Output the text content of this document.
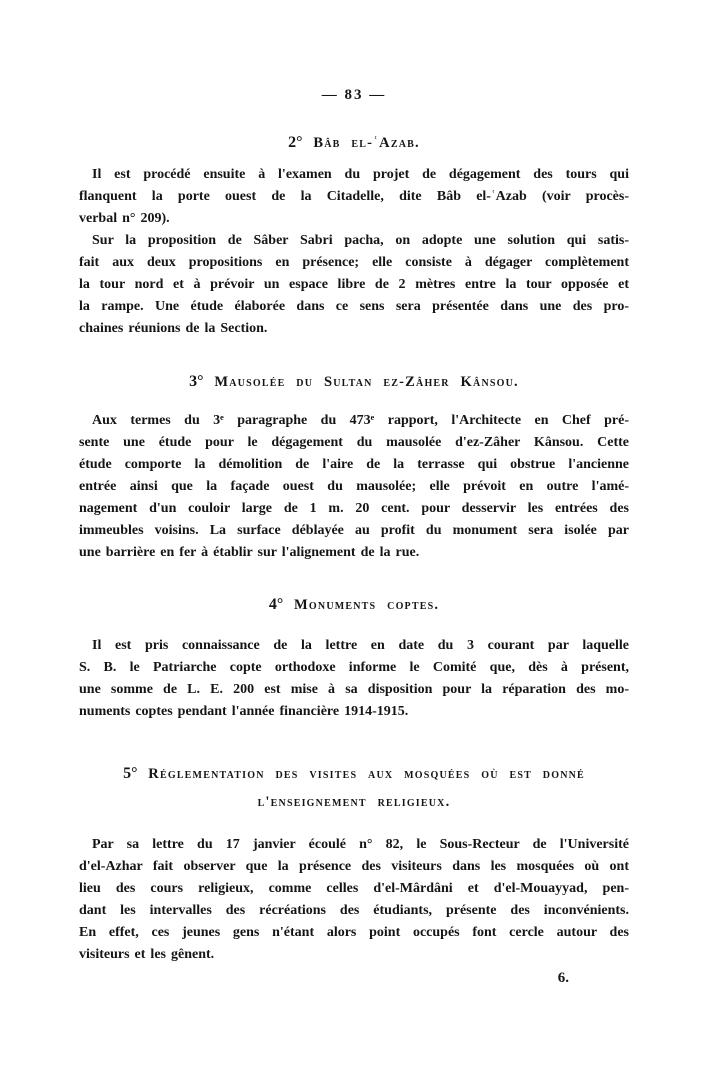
— 83 —
2° Bâb el-ʿAzab.
Il est procédé ensuite à l'examen du projet de dégagement des tours qui
flanquent la porte ouest de la Citadelle, dite Bâb el-ʿAzab (voir procès-
verbal n° 209).
Sur la proposition de Sâber Sabri pacha, on adopte une solution qui satis-
fait aux deux propositions en présence; elle consiste à dégager complètement
la tour nord et à prévoir un espace libre de 2 mètres entre la tour opposée et
la rampe. Une étude élaborée dans ce sens sera présentée dans une des pro-
chaines réunions de la Section.
3° Mausolée du Sultan ez-Zâher Kânsou.
Aux termes du 3ᵉ paragraphe du 473ᵉ rapport, l'Architecte en Chef pré-
sente une étude pour le dégagement du mausolée d'ez-Zâher Kânsou. Cette
étude comporte la démolition de l'aire de la terrasse qui obstrue l'ancienne
entrée ainsi que la façade ouest du mausolée; elle prévoit en outre l'amé-
nagement d'un couloir large de 1 m. 20 cent. pour desservir les entrées des
immeubles voisins. La surface déblayée au profit du monument sera isolée par
une barrière en fer à établir sur l'alignement de la rue.
4° Monuments coptes.
Il est pris connaissance de la lettre en date du 3 courant par laquelle
S. B. le Patriarche copte orthodoxe informe le Comité que, dès à présent,
une somme de L. E. 200 est mise à sa disposition pour la réparation des mo-
numents coptes pendant l'année financière 1914-1915.
5° Réglementation des visites aux mosquées où est donné
l'enseignement religieux.
Par sa lettre du 17 janvier écoulé n° 82, le Sous-Recteur de l'Université
d'el-Azhar fait observer que la présence des visiteurs dans les mosquées où ont
lieu des cours religieux, comme celles d'el-Mârdâni et d'el-Mouayyad, pen-
dant les intervalles des récréations des étudiants, présente des inconvénients.
En effet, ces jeunes gens n'étant alors point occupés font cercle autour des
visiteurs et les gênent.
6.
